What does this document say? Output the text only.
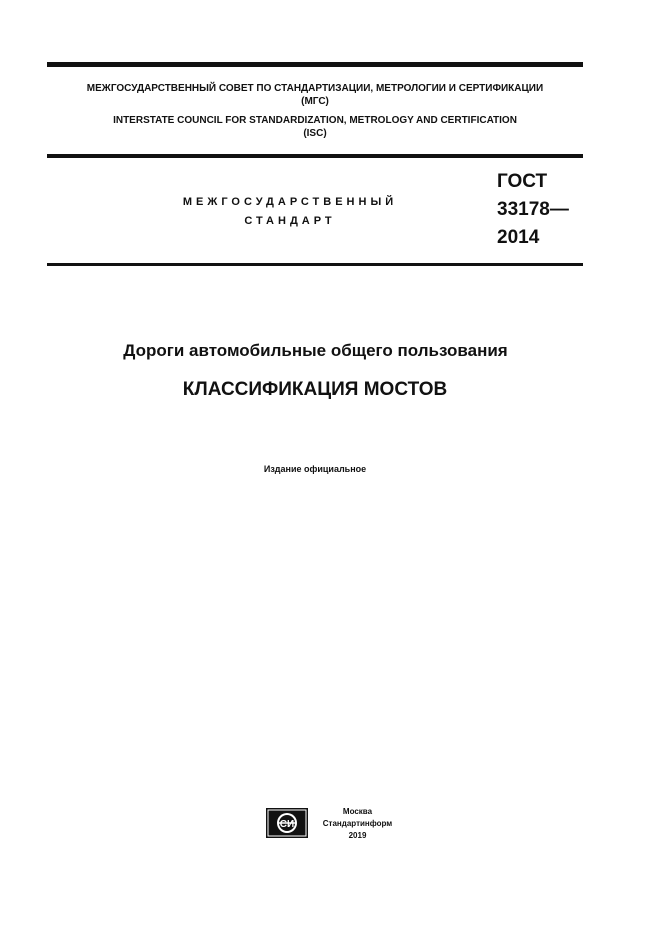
МЕЖГОСУДАРСТВЕННЫЙ СОВЕТ ПО СТАНДАРТИЗАЦИИ, МЕТРОЛОГИИ И СЕРТИФИКАЦИИ
(МГС)
INTERSTATE COUNCIL FOR STANDARDIZATION, METROLOGY AND CERTIFICATION
(ISC)
МЕЖГОСУДАРСТВЕННЫЙ
СТАНДАРТ
ГОСТ
33178—
2014
Дороги автомобильные общего пользования
КЛАССИФИКАЦИЯ МОСТОВ
Издание официальное
СИ
Москва
Стандартинформ
2019
